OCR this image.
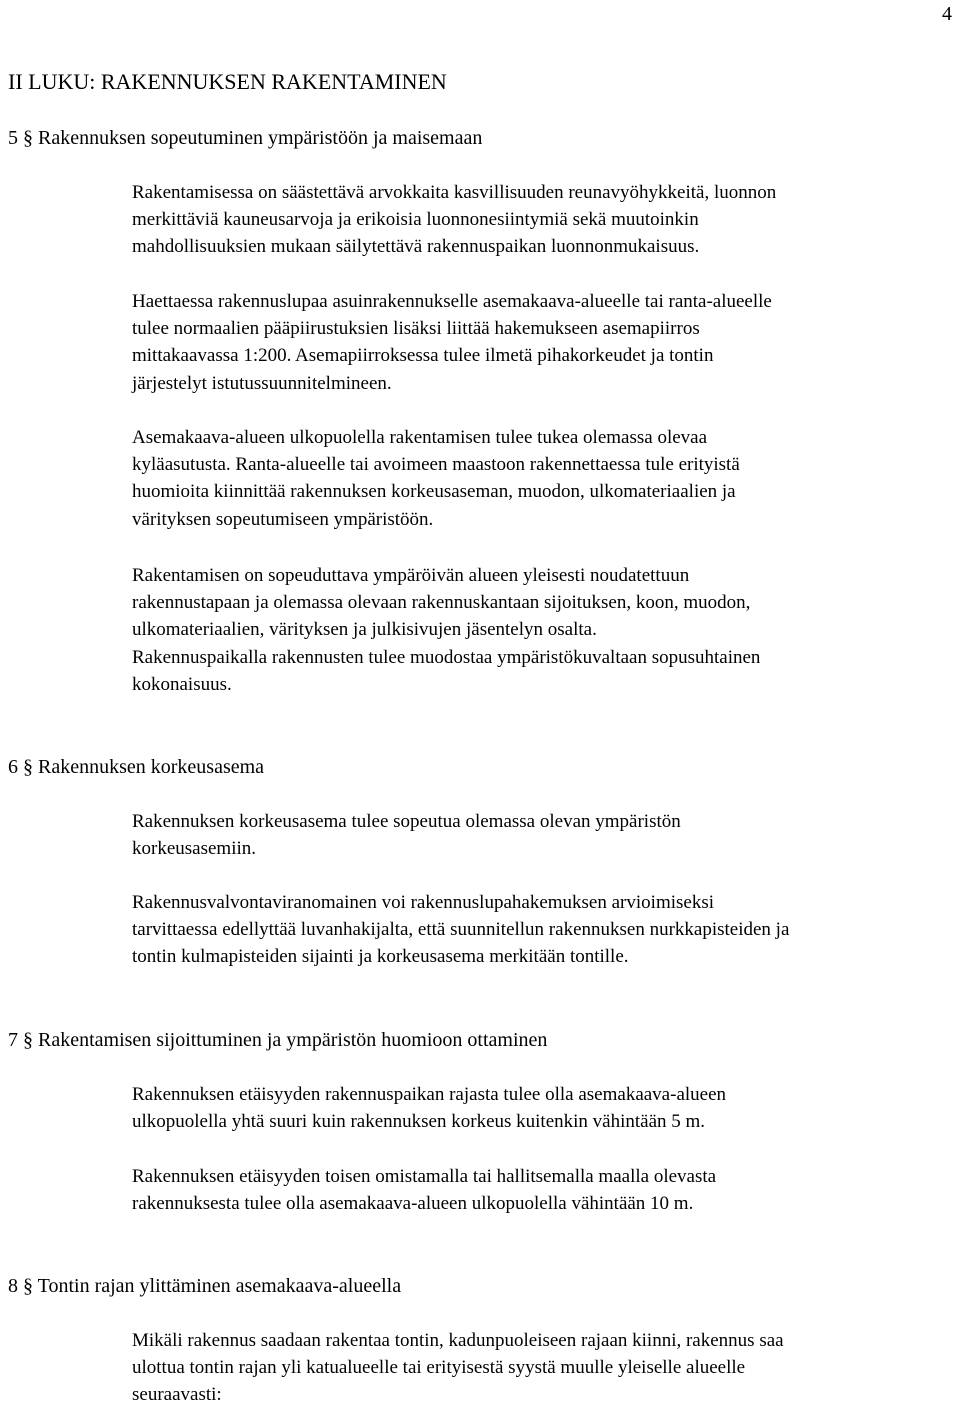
4
II LUKU: RAKENNUKSEN RAKENTAMINEN
5 § Rakennuksen sopeutuminen ympäristöön ja maisemaan

Rakentamisessa on säästettävä arvokkaita kasvillisuuden reunavyöhykkeitä, luonnon
merkittäviä kauneusarvoja ja erikoisia luonnonesiintymiä sekä muutoinkin
mahdollisuuksien mukaan säilytettävä rakennuspaikan luonnonmukaisuus.

Haettaessa rakennuslupaa asuinrakennukselle asemakaava-alueelle tai ranta-alueelle
tulee normaalien pääpiirustuksien lisäksi liittää hakemukseen asemapiirros
mittakaavassa 1:200. Asemapiirroksessa tulee ilmetä pihakorkeudet ja tontin
järjestelyt istutussuunnitelmineen.

Asemakaava-alueen ulkopuolella rakentamisen tulee tukea olemassa olevaa
kyläasutusta. Ranta-alueelle tai avoimeen maastoon rakennettaessa tule erityistä
huomioita kiinnittää rakennuksen korkeusaseman, muodon, ulkomateriaalien ja
värityksen sopeutumiseen ympäristöön.

Rakentamisen on sopeuduttava ympäröivän alueen yleisesti noudatettuun
rakennustapaan ja olemassa olevaan rakennuskantaan sijoituksen, koon, muodon,
ulkomateriaalien, värityksen ja julkisivujen jäsentelyn osalta.
Rakennuspaikalla rakennusten tulee muodostaa ympäristökuvaltaan sopusuhtainen
kokonaisuus.

6 § Rakennuksen korkeusasema

Rakennuksen korkeusasema tulee sopeutua olemassa olevan ympäristön
korkeusasemiin.

Rakennusvalvontaviranomainen voi rakennuslupahakemuksen arvioimiseksi
tarvittaessa edellyttää luvanhakijalta, että suunnitellun rakennuksen nurkkapisteiden ja
tontin kulmapisteiden sijainti ja korkeusasema merkitään tontille.

7 § Rakentamisen sijoittuminen ja ympäristön huomioon ottaminen

Rakennuksen etäisyyden rakennuspaikan rajasta tulee olla asemakaava-alueen
ulkopuolella yhtä suuri kuin rakennuksen korkeus kuitenkin vähintään 5 m.

Rakennuksen etäisyyden toisen omistamalla tai hallitsemalla maalla olevasta
rakennuksesta tulee olla asemakaava-alueen ulkopuolella vähintään 10 m.

8 § Tontin rajan ylittäminen asemakaava-alueella

Mikäli rakennus saadaan rakentaa tontin, kadunpuoleiseen rajaan kiinni, rakennus saa
ulottua tontin rajan yli katualueelle tai erityisestä syystä muulle yleiselle alueelle
seuraavasti:
